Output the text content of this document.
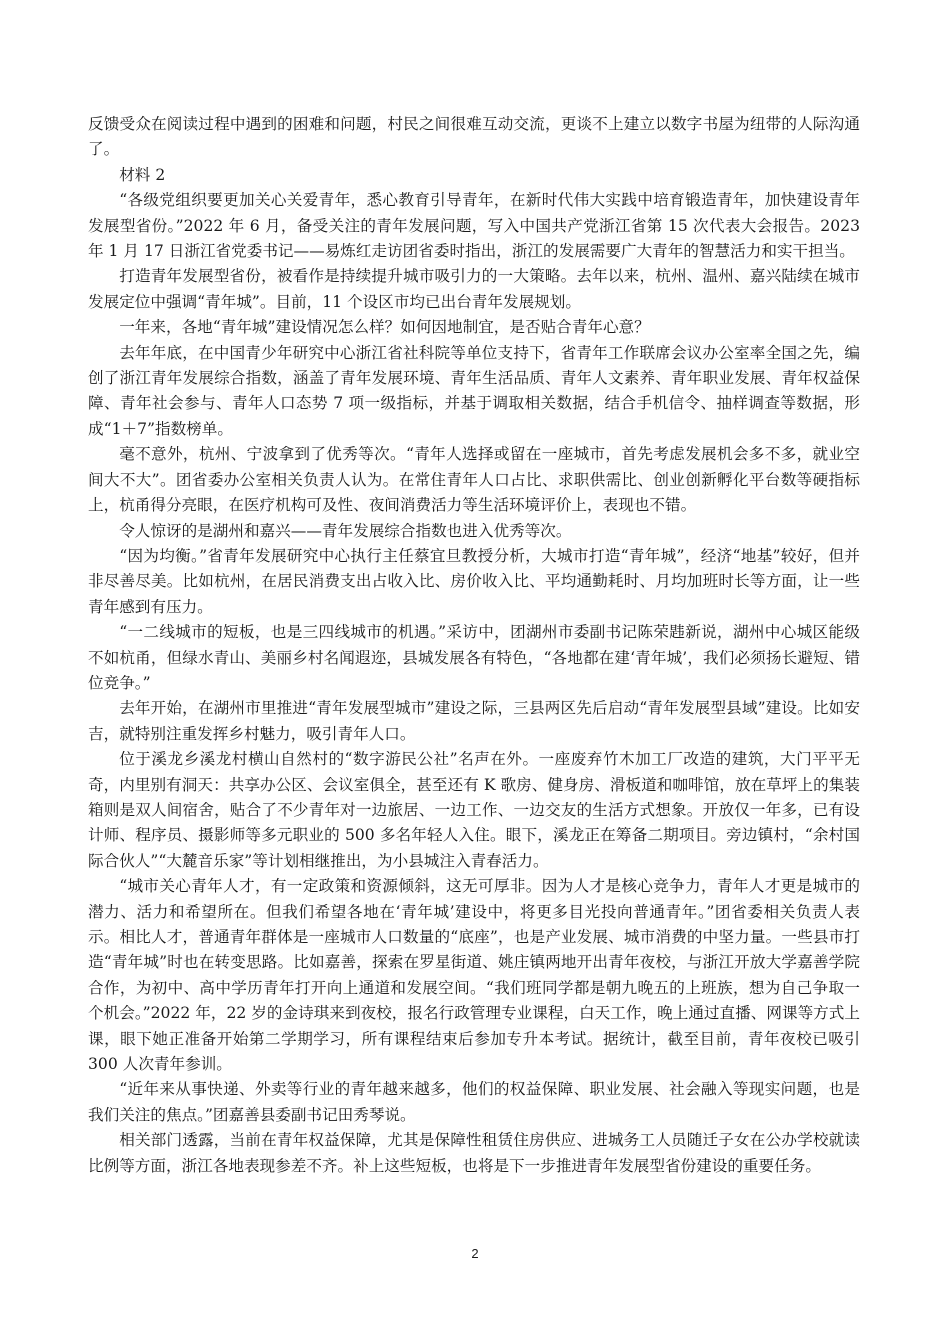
反馈受众在阅读过程中遇到的困难和问题，村民之间很难互动交流，更谈不上建立以数字书屋为纽带的人际沟通了。

材料 2

“各级党组织要更加关心关爱青年，悉心教育引导青年，在新时代伟大实践中培育锻造青年，加快建设青年发展型省份。”2022 年 6 月，备受关注的青年发展问题，写入中国共产党浙江省第 15 次代表大会报告。2023 年 1 月 17 日浙江省党委书记——易炼红走访团省委时指出，浙江的发展需要广大青年的智慧活力和实干担当。

打造青年发展型省份，被看作是持续提升城市吸引力的一大策略。去年以来，杭州、温州、嘉兴陆续在城市发展定位中强调“青年城”。目前，11 个设区市均已出台青年发展规划。

一年来，各地“青年城”建设情况怎么样？如何因地制宜，是否贴合青年心意？

去年年底，在中国青少年研究中心浙江省社科院等单位支持下，省青年工作联席会议办公室率全国之先，编创了浙江青年发展综合指数，涵盖了青年发展环境、青年生活品质、青年人文素养、青年职业发展、青年权益保障、青年社会参与、青年人口态势 7 项一级指标，并基于调取相关数据，结合手机信令、抽样调查等数据，形成“1＋7”指数榜单。

毫不意外，杭州、宁波拿到了优秀等次。“青年人选择或留在一座城市，首先考虑发展机会多不多，就业空间大不大”。团省委办公室相关负责人认为。在常住青年人口占比、求职供需比、创业创新孵化平台数等硬指标上，杭甬得分亮眼，在医疗机构可及性、夜间消费活力等生活环境评价上，表现也不错。

令人惊讶的是湖州和嘉兴——青年发展综合指数也进入优秀等次。

“因为均衡。”省青年发展研究中心执行主任蔡宜旦教授分析，大城市打造“青年城”，经济“地基”较好，但并非尽善尽美。比如杭州，在居民消费支出占收入比、房价收入比、平均通勤耗时、月均加班时长等方面，让一些青年感到有压力。

“一二线城市的短板，也是三四线城市的机遇。”采访中，团湖州市委副书记陈荣韪新说，湖州中心城区能级不如杭甬，但绿水青山、美丽乡村名闻遐迩，县城发展各有特色，“各地都在建‘青年城’，我们必须扬长避短、错位竞争。”

去年开始，在湖州市里推进“青年发展型城市”建设之际，三县两区先后启动“青年发展型县域”建设。比如安吉，就特别注重发挥乡村魅力，吸引青年人口。

位于溪龙乡溪龙村横山自然村的“数字游民公社”名声在外。一座废弃竹木加工厂改造的建筑，大门平平无奇，内里别有洞天：共享办公区、会议室俱全，甚至还有 K 歌房、健身房、滑板道和咖啡馆，放在草坪上的集装箱则是双人间宿舍，贴合了不少青年对一边旅居、一边工作、一边交友的生活方式想象。开放仅一年多，已有设计师、程序员、摄影师等多元职业的 500 多名年轻人入住。眼下，溪龙正在筹备二期项目。旁边镇村，“余村国际合伙人”“大麓音乐家”等计划相继推出，为小县城注入青春活力。

“城市关心青年人才，有一定政策和资源倾斜，这无可厚非。因为人才是核心竞争力，青年人才更是城市的潜力、活力和希望所在。但我们希望各地在‘青年城’建设中，将更多目光投向普通青年。”团省委相关负责人表示。相比人才，普通青年群体是一座城市人口数量的“底座”，也是产业发展、城市消费的中坚力量。一些县市打造“青年城”时也在转变思路。比如嘉善，探索在罗星街道、姚庄镇两地开出青年夜校，与浙江开放大学嘉善学院合作，为初中、高中学历青年打开向上通道和发展空间。“我们班同学都是朝九晚五的上班族，想为自己争取一个机会。”2022 年，22 岁的金诗琪来到夜校，报名行政管理专业课程，白天工作，晚上通过直播、网课等方式上课，眼下她正准备开始第二学期学习，所有课程结束后参加专升本考试。据统计，截至目前，青年夜校已吸引 300 人次青年参训。

“近年来从事快递、外卖等行业的青年越来越多，他们的权益保障、职业发展、社会融入等现实问题，也是我们关注的焦点。”团嘉善县委副书记田秀琴说。

相关部门透露，当前在青年权益保障，尤其是保障性租赁住房供应、进城务工人员随迁子女在公办学校就读比例等方面，浙江各地表现参差不齐。补上这些短板，也将是下一步推进青年发展型省份建设的重要任务。

2
